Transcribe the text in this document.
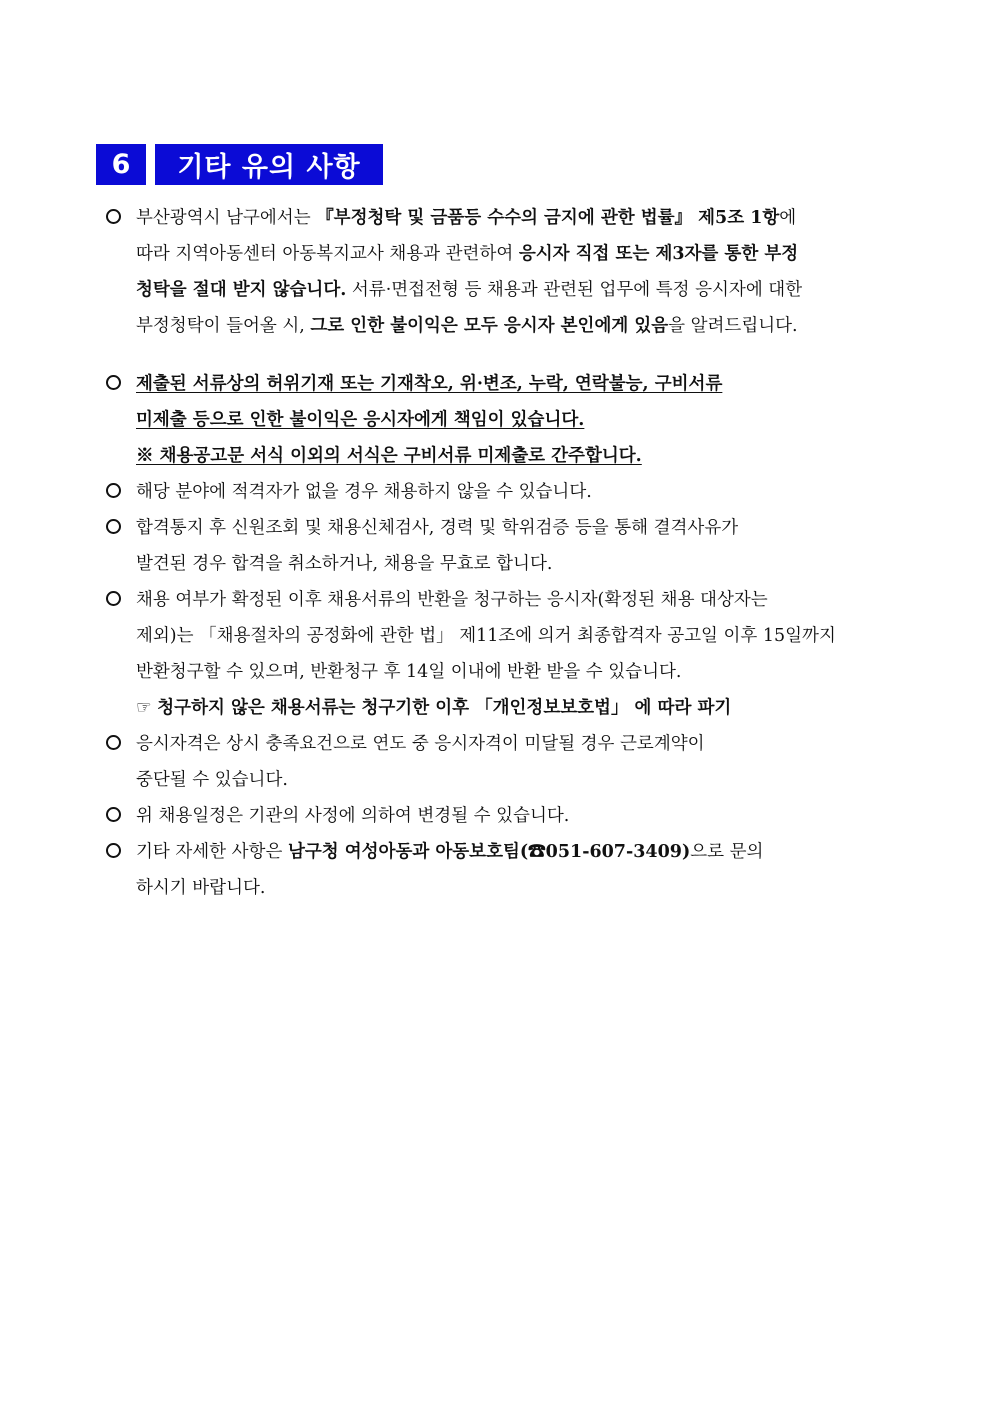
6	기타 유의 사항
부산광역시 남구에서는 『부정청탁 및 금품등 수수의 금지에 관한 법률』 제5조 1항에
따라 지역아동센터 아동복지교사 채용과 관련하여 응시자 직접 또는 제3자를 통한 부정
청탁을 절대 받지 않습니다. 서류·면접전형 등 채용과 관련된 업무에 특정 응시자에 대한
부정청탁이 들어올 시, 그로 인한 불이익은 모두 응시자 본인에게 있음을 알려드립니다.
제출된 서류상의 허위기재 또는 기재착오, 위·변조, 누락, 연락불능, 구비서류
미제출 등으로 인한 불이익은 응시자에게 책임이 있습니다.
※ 채용공고문 서식 이외의 서식은 구비서류 미제출로 간주합니다.
해당 분야에 적격자가 없을 경우 채용하지 않을 수 있습니다.
합격통지 후 신원조회 및 채용신체검사, 경력 및 학위검증 등을 통해 결격사유가
발견된 경우 합격을 취소하거나, 채용을 무효로 합니다.
채용 여부가 확정된 이후 채용서류의 반환을 청구하는 응시자(확정된 채용 대상자는
제외)는 「채용절차의 공정화에 관한 법」 제11조에 의거 최종합격자 공고일 이후 15일까지
반환청구할 수 있으며, 반환청구 후 14일 이내에 반환 받을 수 있습니다.
☞ 청구하지 않은 채용서류는 청구기한 이후 「개인정보보호법」 에 따라 파기
응시자격은 상시 충족요건으로 연도 중 응시자격이 미달될 경우 근로계약이
중단될 수 있습니다.
위 채용일정은 기관의 사정에 의하여 변경될 수 있습니다.
기타 자세한 사항은 남구청 여성아동과 아동보호팀(☎051-607-3409)으로 문의
하시기 바랍니다.
